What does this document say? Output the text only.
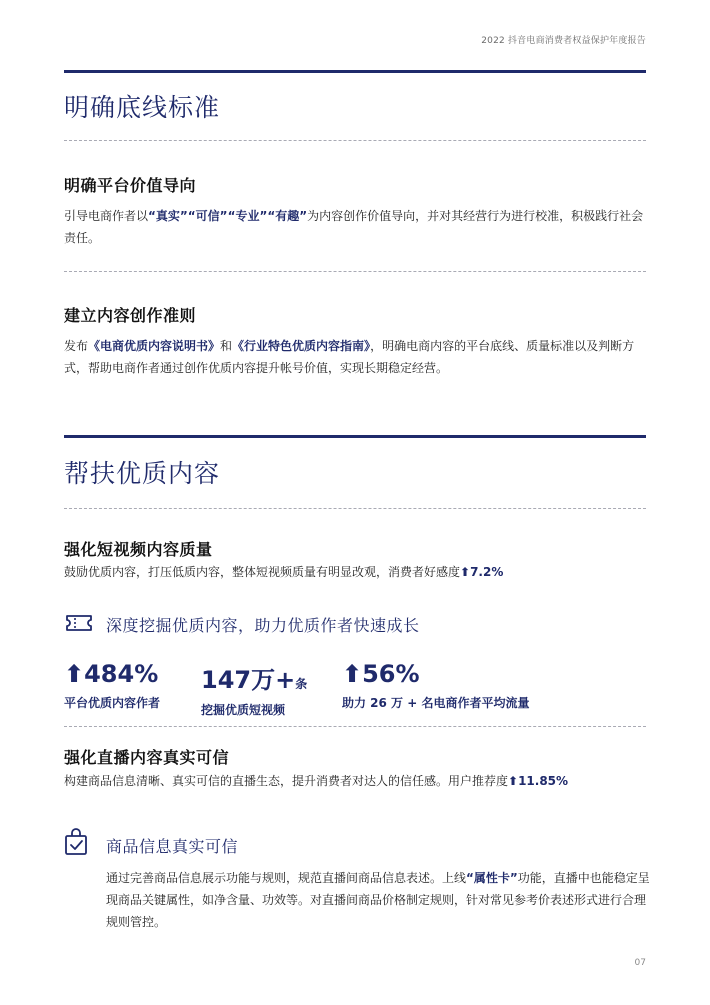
2022 抖音电商消费者权益保护年度报告
明确底线标准
明确平台价值导向
引导电商作者以“真实”“可信”“专业”“有趣”为内容创作价值导向，并对其经营行为进行校准，积极践行社会责任。
建立内容创作准则
发布《电商优质内容说明书》和《行业特色优质内容指南》，明确电商内容的平台底线、质量标准以及判断方式，帮助电商作者通过创作优质内容提升帐号价值，实现长期稳定经营。
帮扶优质内容
强化短视频内容质量
鼓励优质内容，打压低质内容，整体短视频质量有明显改观，消费者好感度⬆7.2%
深度挖掘优质内容，助力优质作者快速成长
⬆484%
平台优质内容作者
147万+条
挖掘优质短视频
⬆56%
助力 26 万 + 名电商作者平均流量
强化直播内容真实可信
构建商品信息清晰、真实可信的直播生态，提升消费者对达人的信任感。用户推荐度⬆11.85%
商品信息真实可信
通过完善商品信息展示功能与规则，规范直播间商品信息表述。上线“属性卡”功能，直播中也能稳定呈现商品关键属性，如净含量、功效等。对直播间商品价格制定规则，针对常见参考价表述形式进行合理规则管控。
07
